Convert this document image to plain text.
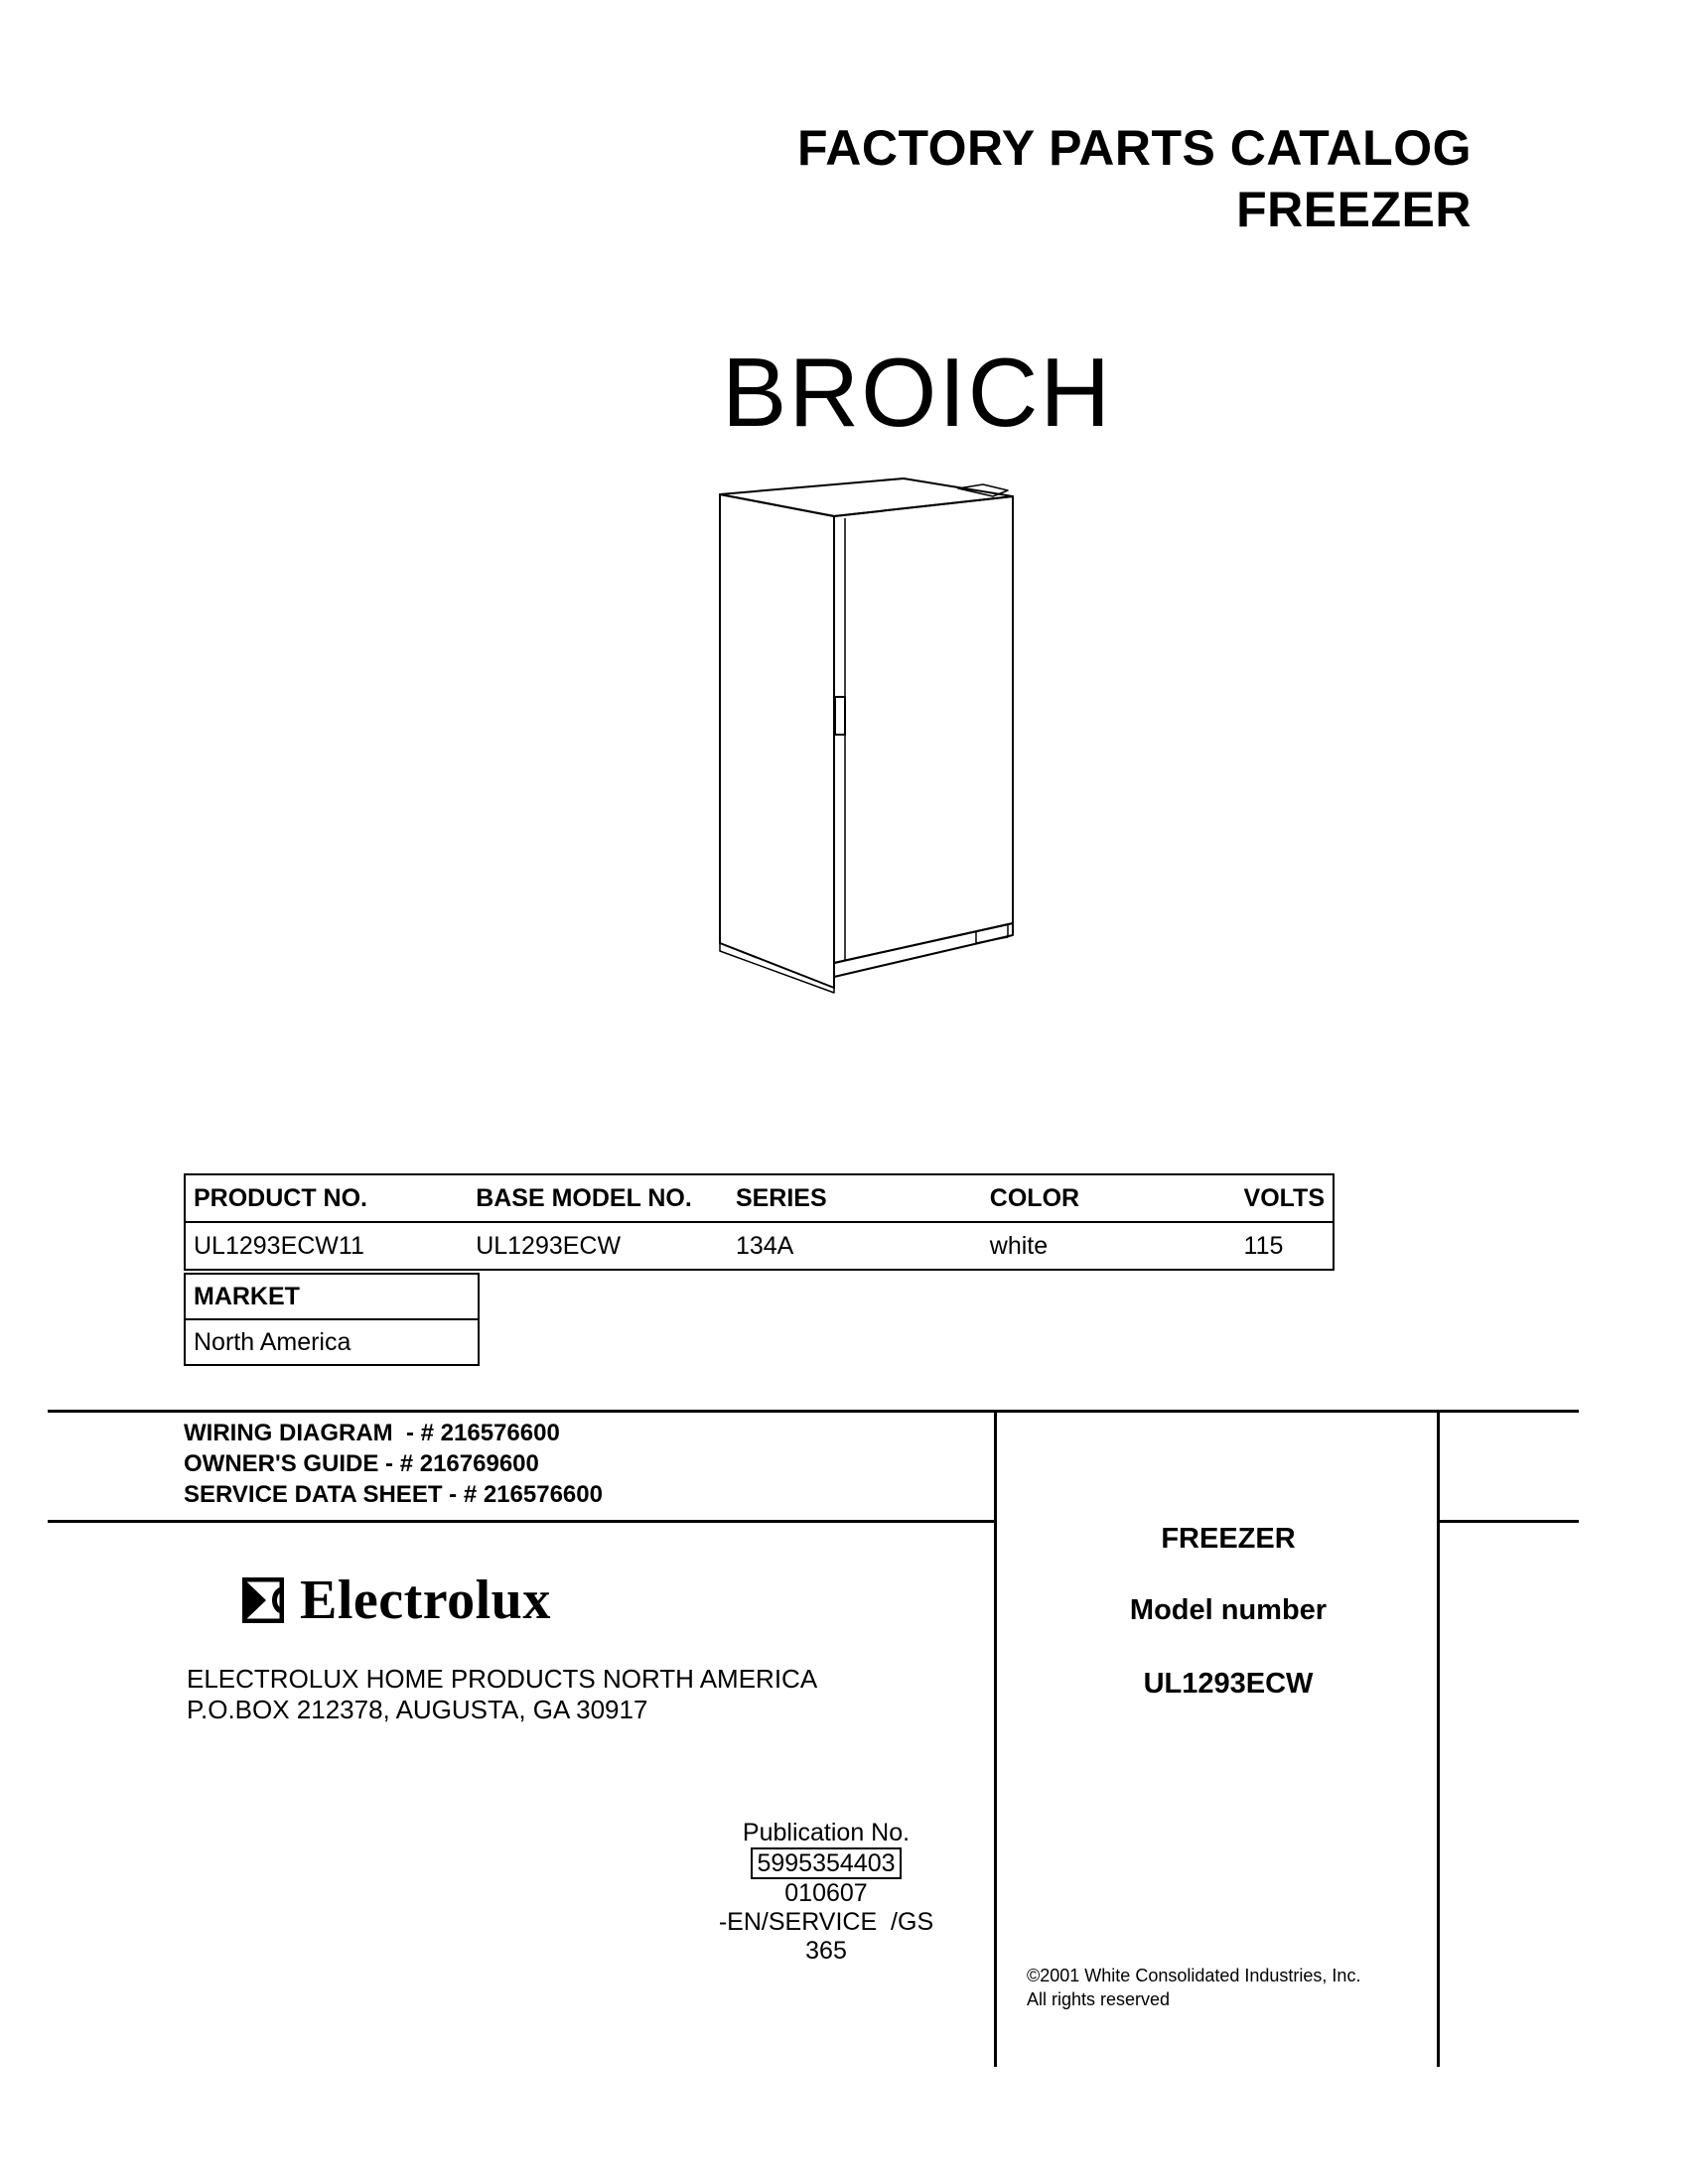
FACTORY PARTS CATALOG
FREEZER
BROICH
PRODUCT NO.	BASE MODEL NO.	SERIES	COLOR	VOLTS
UL1293ECW11	UL1293ECW	134A	white	115
MARKET
North America
WIRING DIAGRAM  - # 216576600
OWNER'S GUIDE - # 216769600
SERVICE DATA SHEET - # 216576600
Electrolux
ELECTROLUX HOME PRODUCTS NORTH AMERICA
P.O.BOX 212378, AUGUSTA, GA 30917
FREEZER
Model number
UL1293ECW
Publication No.
5995354403
010607
-EN/SERVICE  /GS
365
©2001 White Consolidated Industries, Inc.
All rights reserved
